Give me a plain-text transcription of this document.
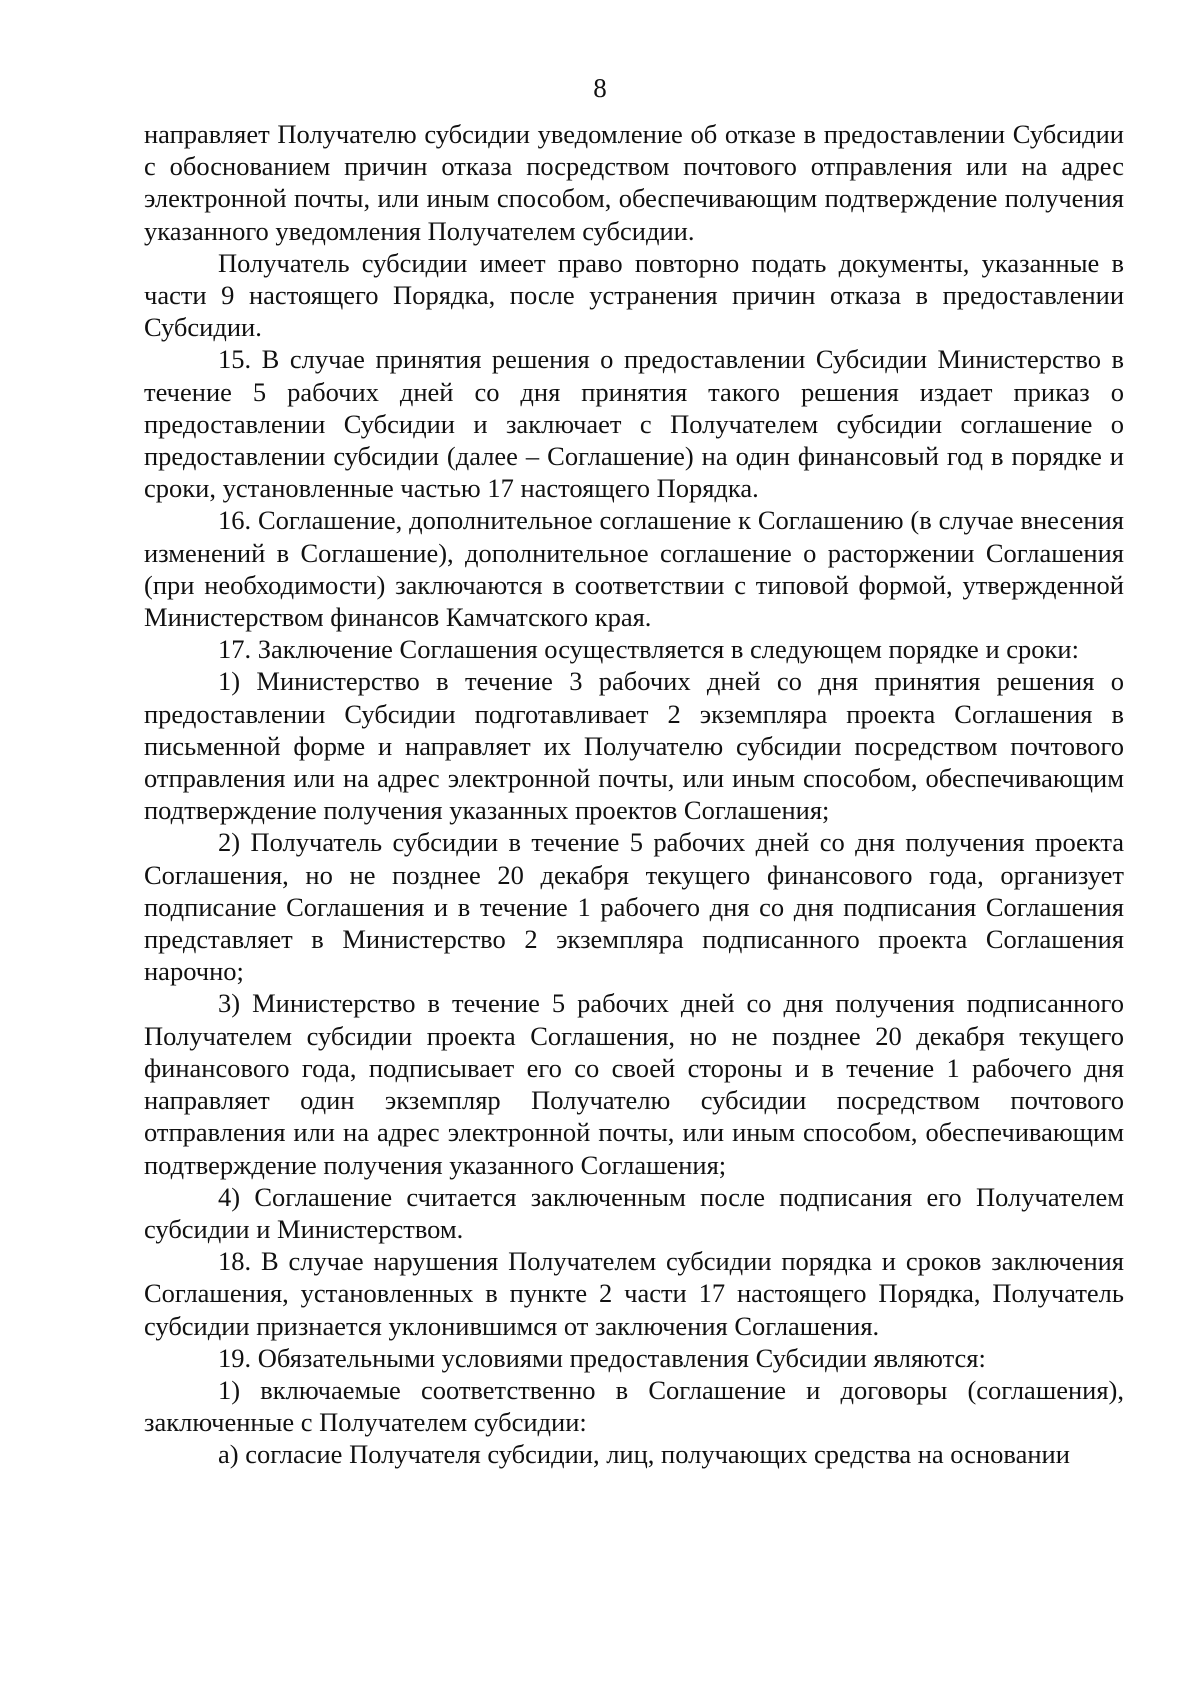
8

направляет Получателю субсидии уведомление об отказе в предоставлении Субсидии с обоснованием причин отказа посредством почтового отправления или на адрес электронной почты, или иным способом, обеспечивающим подтверждение получения указанного уведомления Получателем субсидии.

Получатель субсидии имеет право повторно подать документы, указанные в части 9 настоящего Порядка, после устранения причин отказа в предоставлении Субсидии.

15. В случае принятия решения о предоставлении Субсидии Министерство в течение 5 рабочих дней со дня принятия такого решения издает приказ о предоставлении Субсидии и заключает с Получателем субсидии соглашение о предоставлении субсидии (далее – Соглашение) на один финансовый год в порядке и сроки, установленные частью 17 настоящего Порядка.

16. Соглашение, дополнительное соглашение к Соглашению (в случае внесения изменений в Соглашение), дополнительное соглашение о расторжении Соглашения (при необходимости) заключаются в соответствии с типовой формой, утвержденной Министерством финансов Камчатского края.

17. Заключение Соглашения осуществляется в следующем порядке и сроки:

1) Министерство в течение 3 рабочих дней со дня принятия решения о предоставлении Субсидии подготавливает 2 экземпляра проекта Соглашения в письменной форме и направляет их Получателю субсидии посредством почтового отправления или на адрес электронной почты, или иным способом, обеспечивающим подтверждение получения указанных проектов Соглашения;

2) Получатель субсидии в течение 5 рабочих дней со дня получения проекта Соглашения, но не позднее 20 декабря текущего финансового года, организует подписание Соглашения и в течение 1 рабочего дня со дня подписания Соглашения представляет в Министерство 2 экземпляра подписанного проекта Соглашения нарочно;

3) Министерство в течение 5 рабочих дней со дня получения подписанного Получателем субсидии проекта Соглашения, но не позднее 20 декабря текущего финансового года, подписывает его со своей стороны и в течение 1 рабочего дня направляет один экземпляр Получателю субсидии посредством почтового отправления или на адрес электронной почты, или иным способом, обеспечивающим подтверждение получения указанного Соглашения;

4) Соглашение считается заключенным после подписания его Получателем субсидии и Министерством.

18. В случае нарушения Получателем субсидии порядка и сроков заключения Соглашения, установленных в пункте 2 части 17 настоящего Порядка, Получатель субсидии признается уклонившимся от заключения Соглашения.

19. Обязательными условиями предоставления Субсидии являются:

1) включаемые соответственно в Соглашение и договоры (соглашения), заключенные с Получателем субсидии:

а) согласие Получателя субсидии, лиц, получающих средства на основании
